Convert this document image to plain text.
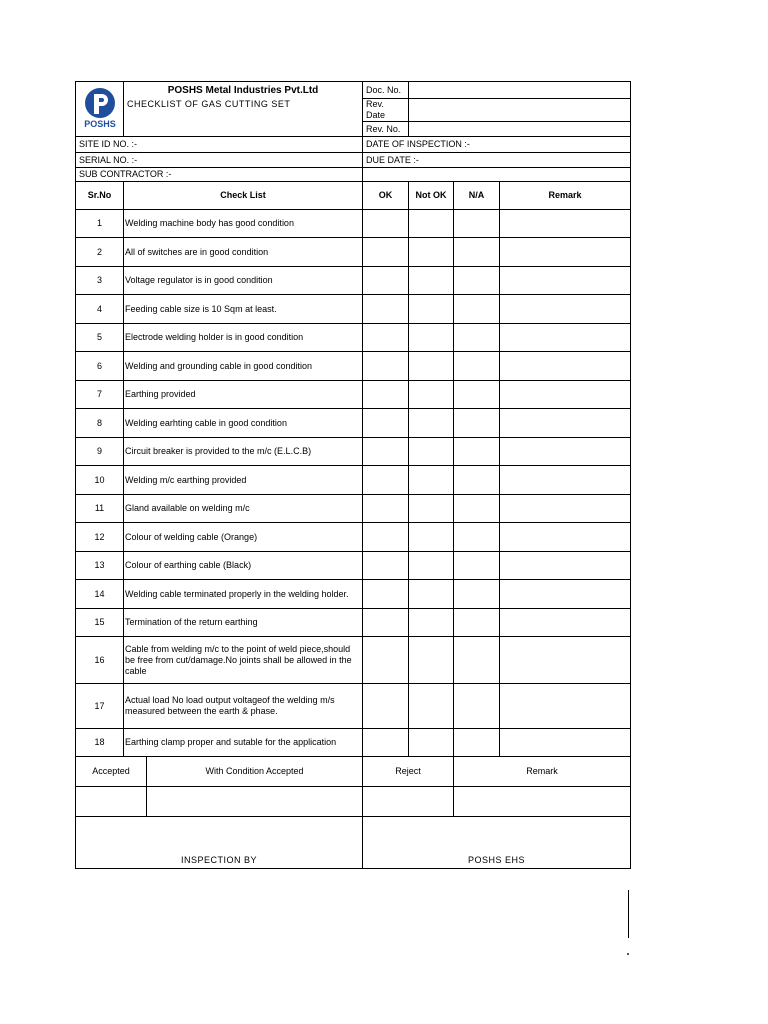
POSHS	POSHS Metal Industries Pvt.Ltd		Doc. No.			
	CHECKLIST OF GAS CUTTING SET		Rev. Date			
			Rev. No.			
SITE ID NO. :-			DATE OF INSPECTION :-			
SERIAL NO. :-			DUE DATE :-			
SUB CONTRACTOR :-						
Sr.No	Check List		OK	Not OK	N/A	Remark
1	Welding machine body has good condition					
2	All of switches are in good condition					
3	Voltage regulator is in good condition					
4	Feeding cable size is 10 Sqm at least.					
5	Electrode welding holder is in good condition					
6	Welding and grounding cable in good condition					
7	Earthing provided					
8	Welding earhting cable in good condition					
9	Circuit breaker is provided to the m/c (E.L.C.B)					
10	Welding m/c earthing provided					
11	Gland available on welding m/c					
12	Colour of welding cable (Orange)					
13	Colour of earthing cable (Black)					
14	Welding cable terminated properly in the welding holder.					
15	Termination of the return earthing					
16	Cable from welding m/c to the point of weld piece,should be free from cut/damage.No joints shall be allowed in the cable					
17	Actual load No load output voltageof the welding m/s measured between the earth & phase.					
18	Earthing clamp proper and sutable for the application					
Accepted		With Condition Accepted	Reject		Remark	

INSPECTION BY			POSHS EHS			
